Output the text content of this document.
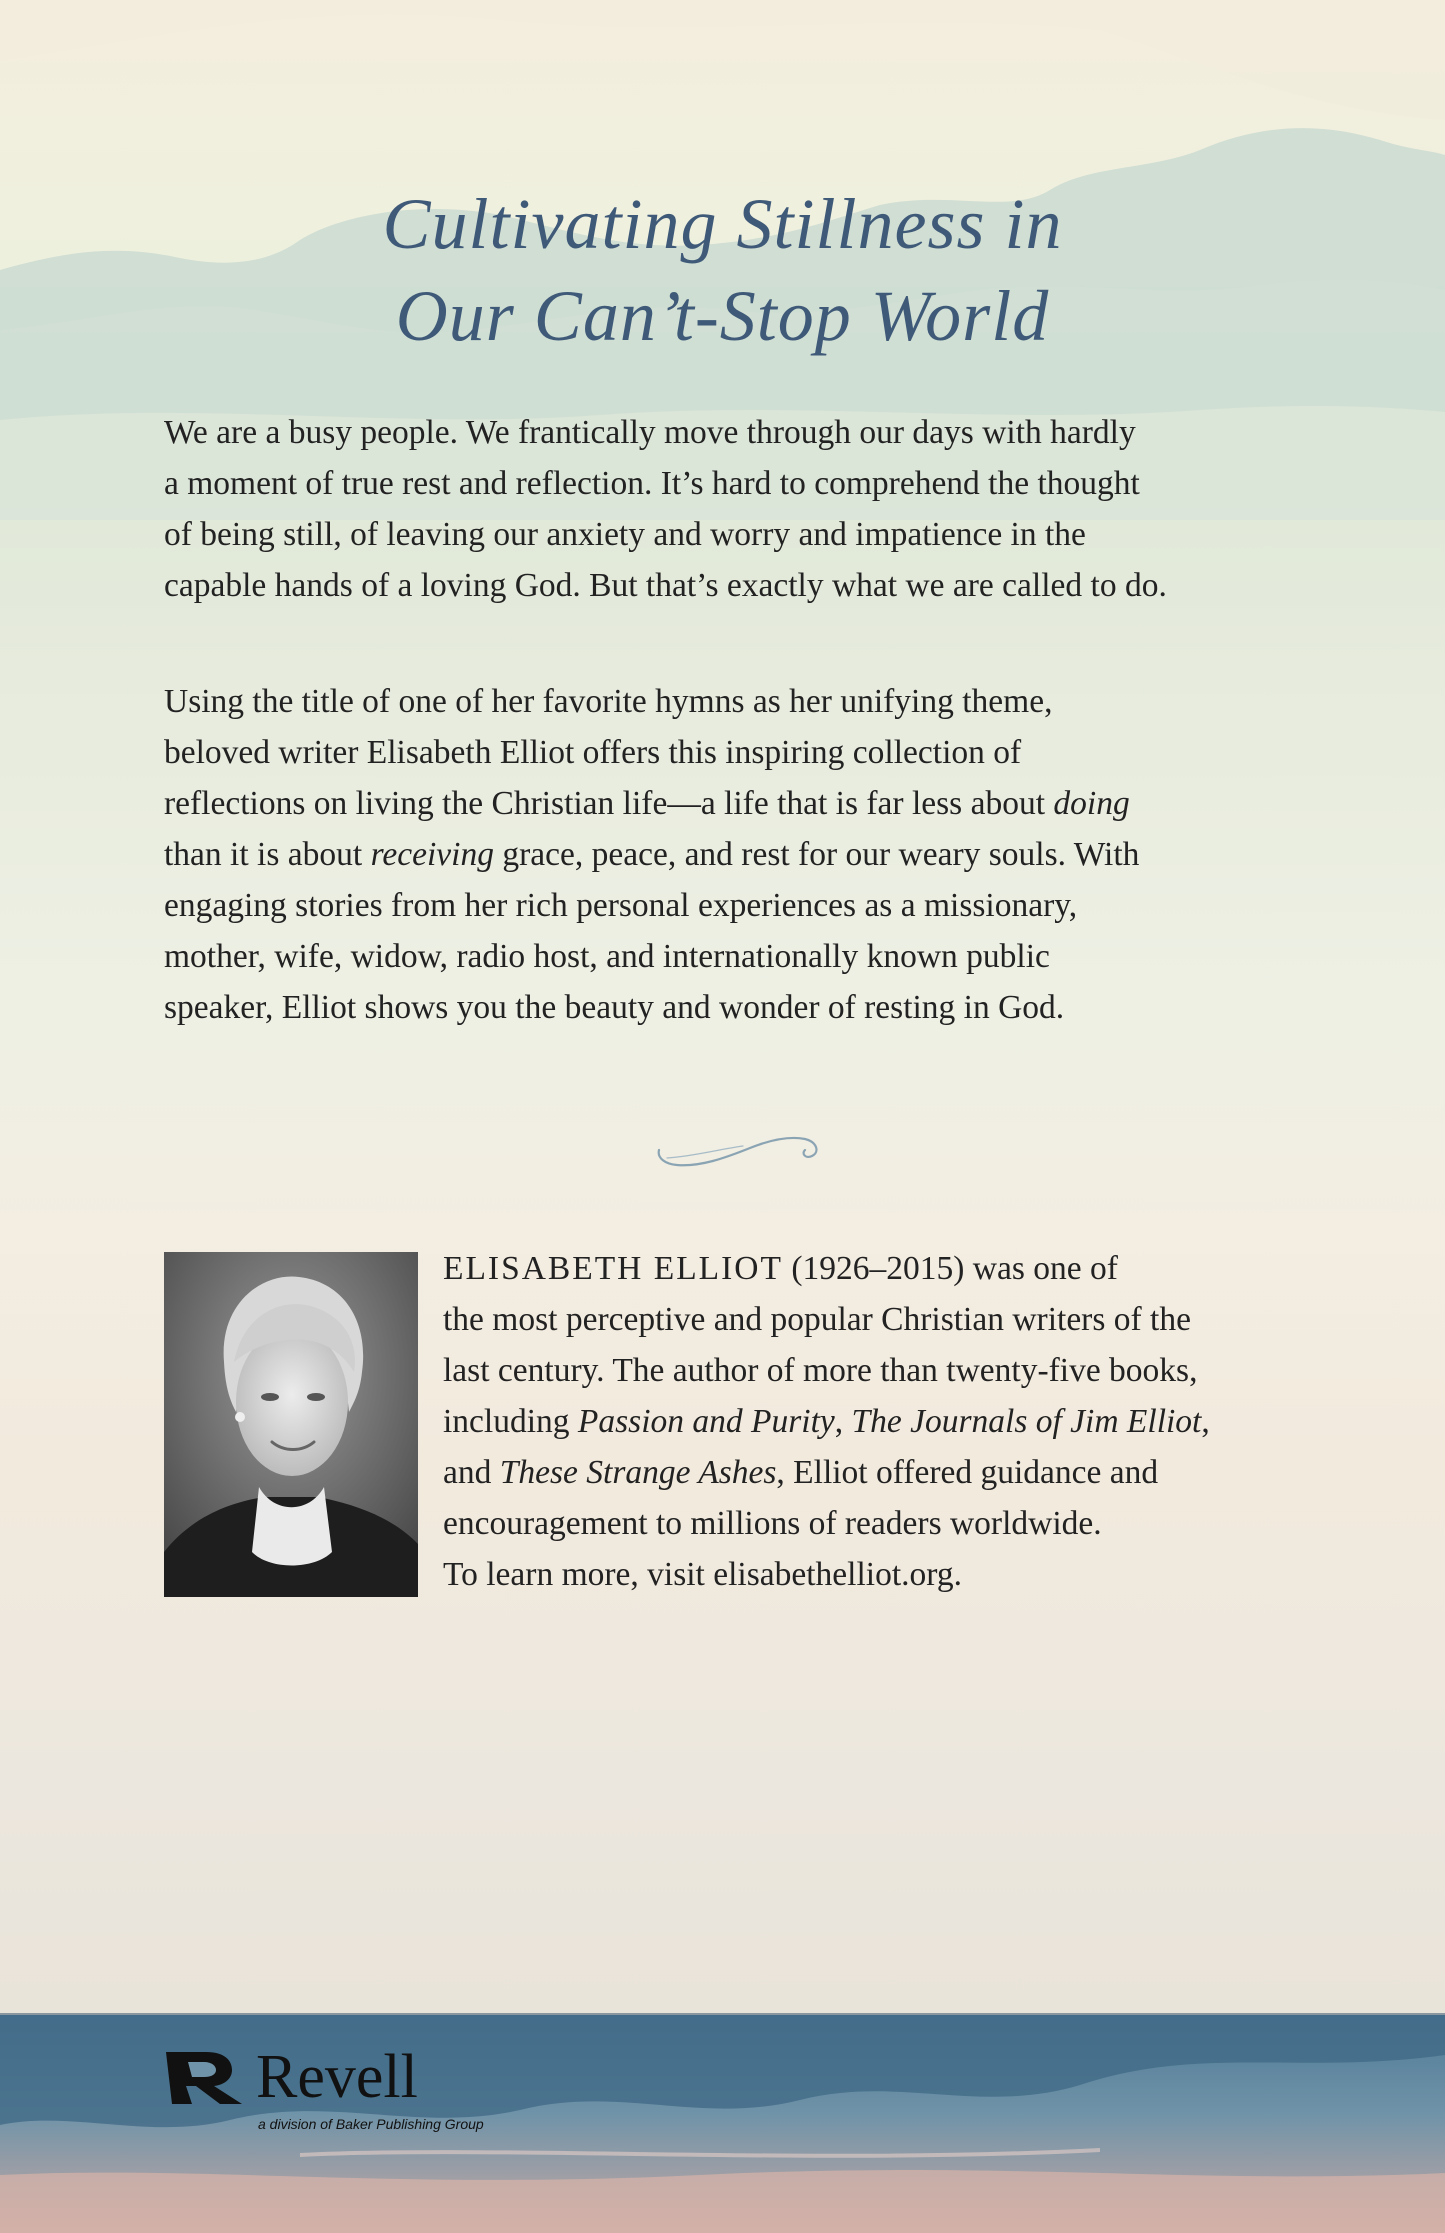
Cultivating Stillness in
Our Can’t-Stop World

We are a busy people. We frantically move through our days with hardly
a moment of true rest and reflection. It’s hard to comprehend the thought
of being still, of leaving our anxiety and worry and impatience in the
capable hands of a loving God. But that’s exactly what we are called to do.

Using the title of one of her favorite hymns as her unifying theme,
beloved writer Elisabeth Elliot offers this inspiring collection of
reflections on living the Christian life—a life that is far less about doing
than it is about receiving grace, peace, and rest for our weary souls. With
engaging stories from her rich personal experiences as a missionary,
mother, wife, widow, radio host, and internationally known public
speaker, Elliot shows you the beauty and wonder of resting in God.

ELISABETH ELLIOT (1926–2015) was one of
the most perceptive and popular Christian writers of the
last century. The author of more than twenty-five books,
including Passion and Purity, The Journals of Jim Elliot,
and These Strange Ashes, Elliot offered guidance and
encouragement to millions of readers worldwide.
To learn more, visit elisabethelliot.org.

Revell
a division of Baker Publishing Group
